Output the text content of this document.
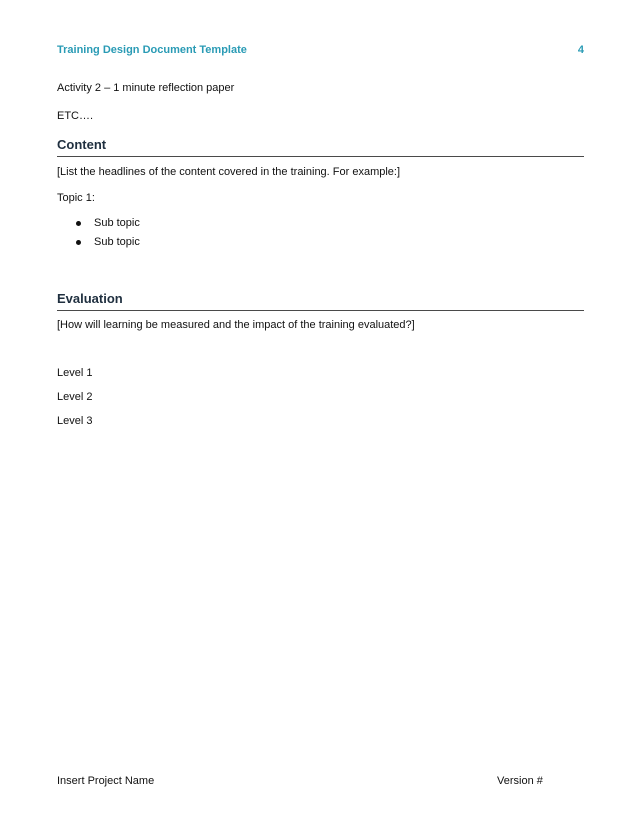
Training Design Document Template	4
Activity 2 – 1 minute reflection paper
ETC….
Content
[List the headlines of the content covered in the training. For example:]
Topic 1:
Sub topic
Sub topic
Evaluation
[How will learning be measured and the impact of the training evaluated?]
Level 1
Level 2
Level 3
Insert Project Name	Version #
